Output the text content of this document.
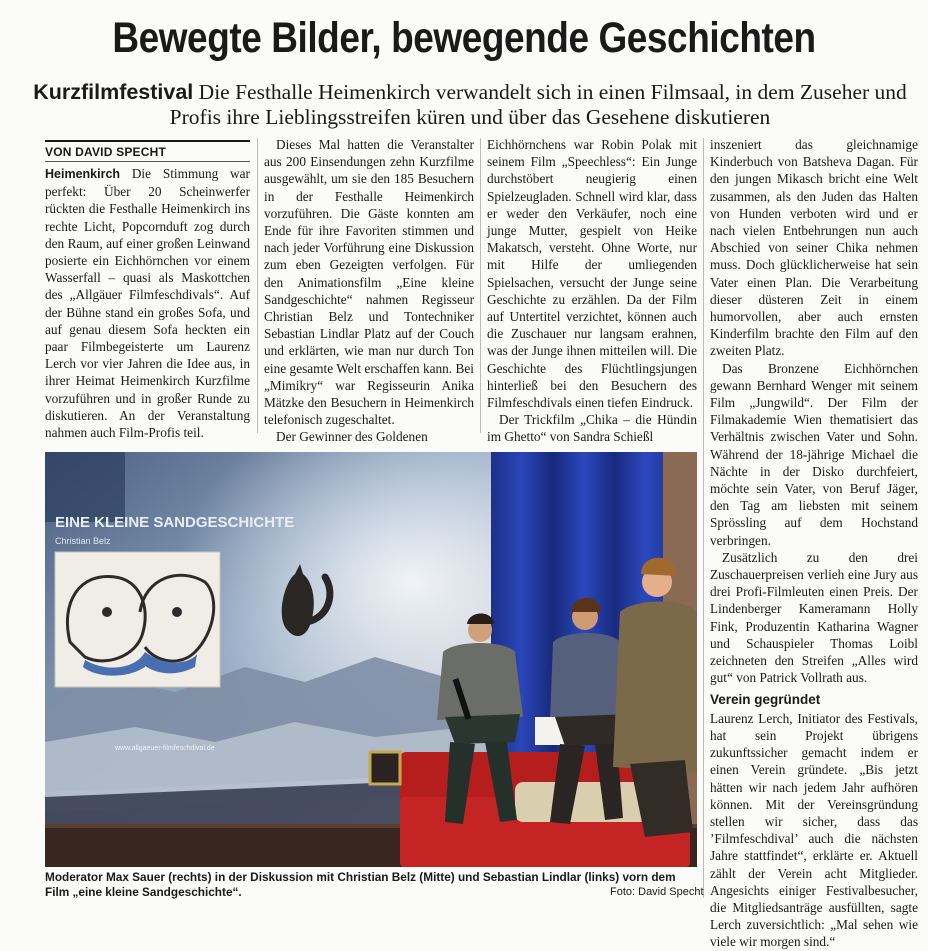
Bewegte Bilder, bewegende Geschichten
Kurzfilmfestival Die Festhalle Heimenkirch verwandelt sich in einen Filmsaal, in dem Zuseher und Profis ihre Lieblingsstreifen küren und über das Gesehene diskutieren
VON DAVID SPECHT

Heimenkirch Die Stimmung war perfekt: Über 20 Scheinwerfer rückten die Festhalle Heimenkirch ins rechte Licht, Popcornduft zog durch den Raum, auf einer großen Leinwand posierte ein Eichhörnchen vor einem Wasserfall – quasi als Maskottchen des „Allgäuer Filmfeschdivals“. Auf der Bühne stand ein großes Sofa, und auf genau diesem Sofa heckten ein paar Filmbegeisterte um Laurenz Lerch vor vier Jahren die Idee aus, in ihrer Heimat Heimenkirch Kurzfilme vorzuführen und in großer Runde zu diskutieren. An der Veranstaltung nahmen auch Film-Profis teil.

Dieses Mal hatten die Veranstalter aus 200 Einsendungen zehn Kurzfilme ausgewählt, um sie den 185 Besuchern in der Festhalle Heimenkirch vorzuführen. Die Gäste konnten am Ende für ihre Favoriten stimmen und nach jeder Vorführung eine Diskussion zum eben Gezeigten verfolgen. Für den Animationsfilm „Eine kleine Sandgeschichte“ nahmen Regisseur Christian Belz und Tontechniker Sebastian Lindlar Platz auf der Couch und erklärten, wie man nur durch Ton eine gesamte Welt erschaffen kann. Bei „Mimikry“ war Regisseurin Anika Mätzke den Besuchern in Heimenkirch telefonisch zugeschaltet.

Der Gewinner des Goldenen

Eichhörnchens war Robin Polak mit seinem Film „Speechless“: Ein Junge durchstöbert neugierig einen Spielzeugladen. Schnell wird klar, dass er weder den Verkäufer, noch eine junge Mutter, gespielt von Heike Makatsch, versteht. Ohne Worte, nur mit Hilfe der umliegenden Spielsachen, versucht der Junge seine Geschichte zu erzählen. Da der Film auf Untertitel verzichtet, können auch die Zuschauer nur langsam erahnen, was der Junge ihnen mitteilen will. Die Geschichte des Flüchtlingsjungen hinterließ bei den Besuchern des Filmfeschdivals einen tiefen Eindruck.

Der Trickfilm „Chika – die Hündin im Ghetto“ von Sandra Schießl

inszeniert das gleichnamige Kinderbuch von Batsheva Dagan. Für den jungen Mikasch bricht eine Welt zusammen, als den Juden das Halten von Hunden verboten wird und er nach vielen Entbehrungen nun auch Abschied von seiner Chika nehmen muss. Doch glücklicherweise hat sein Vater einen Plan. Die Verarbeitung dieser düsteren Zeit in einem humorvollen, aber auch ernsten Kinderfilm brachte den Film auf den zweiten Platz.

Das Bronzene Eichhörnchen gewann Bernhard Wenger mit seinem Film „Jungwild“. Der Film der Filmakademie Wien thematisiert das Verhältnis zwischen Vater und Sohn. Während der 18-jährige Michael die Nächte in der Disko durchfeiert, möchte sein Vater, von Beruf Jäger, den Tag am liebsten mit seinem Sprössling auf dem Hochstand verbringen.

Zusätzlich zu den drei Zuschauerpreisen verlieh eine Jury aus drei Profi-Filmleuten einen Preis. Der Lindenberger Kameramann Holly Fink, Produzentin Katharina Wagner und Schauspieler Thomas Loibl zeichneten den Streifen „Alles wird gut“ von Patrick Vollrath aus.

Verein gegründet

Laurenz Lerch, Initiator des Festivals, hat sein Projekt übrigens zukunftssicher gemacht indem er einen Verein gründete. „Bis jetzt hätten wir nach jedem Jahr aufhören können. Mit der Vereinsgründung stellen wir sicher, dass das ’Filmfeschdival’ auch die nächsten Jahre stattfindet“, erklärte er. Aktuell zählt der Verein acht Mitglieder. Angesichts einiger Festivalbesucher, die Mitgliedsanträge ausfüllten, sagte Lerch zuversichtlich: „Mal sehen wie viele wir morgen sind.“

EINE KLEINE SANDGESCHICHTE
Christian Belz
www.allgaeuer-filmfeschdival.de
Moderator Max Sauer (rechts) in der Diskussion mit Christian Belz (Mitte) und Sebastian Lindlar (links) vorn dem Film „eine kleine Sandgeschichte“.	Foto: David Specht
